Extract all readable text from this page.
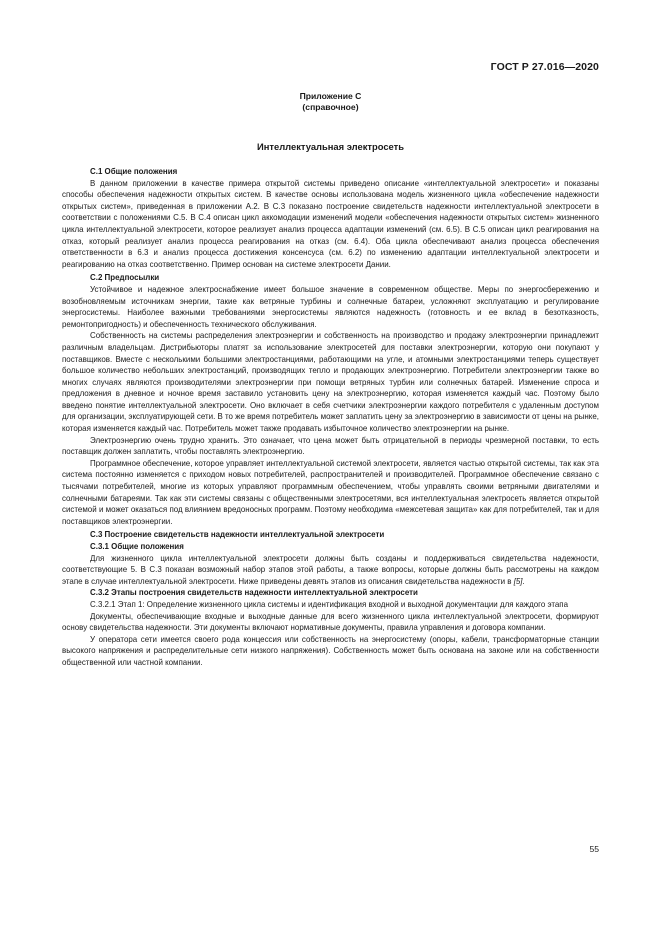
ГОСТ Р 27.016—2020
Приложение С
(справочное)
Интеллектуальная электросеть

С.1 Общие положения

В данном приложении в качестве примера открытой системы приведено описание «интеллектуальной электросети» и показаны способы обеспечения надежности открытых систем. В качестве основы использована модель жизненного цикла «обеспечение надежности открытых систем», приведенная в приложении А.2. В С.3 показано построение свидетельств надежности интеллектуальной электросети в соответствии с положениями С.5. В С.4 описан цикл аккомодации изменений модели «обеспечения надежности открытых систем» жизненного цикла интеллектуальной электросети, которое реализует анализ процесса адаптации изменений (см. 6.5). В С.5 описан цикл реагирования на отказ, который реализует анализ процесса реагирования на отказ (см. 6.4). Оба цикла обеспечивают анализ процесса обеспечения ответственности в 6.3 и анализ процесса достижения консенсуса (см. 6.2) по изменению адаптации интеллектуальной электросети и реагированию на отказ соответственно. Пример основан на системе электросети Дании.

С.2 Предпосылки

Устойчивое и надежное электроснабжение имеет большое значение в современном обществе. Меры по энергосбережению и возобновляемым источникам энергии, такие как ветряные турбины и солнечные батареи, усложняют эксплуатацию и регулирование энергосистемы. Наиболее важными требованиями энергосистемы являются надежность (готовность и ее вклад в безотказность, ремонтопригодность) и обеспеченность технического обслуживания.

Собственность на системы распределения электроэнергии и собственность на производство и продажу электроэнергии принадлежит различным владельцам. Дистрибьюторы платят за использование электросетей для поставки электроэнергии, которую они покупают у поставщиков. Вместе с несколькими большими электростанциями, работающими на угле, и атомными электростанциями теперь существует большое количество небольших электростанций, производящих тепло и продающих электроэнергию. Потребители электроэнергии также во многих случаях являются производителями электроэнергии при помощи ветряных турбин или солнечных батарей. Изменение спроса и предложения в дневное и ночное время заставило установить цену на электроэнергию, которая изменяется каждый час. Поэтому было введено понятие интеллектуальной электросети. Оно включает в себя счетчики электроэнергии каждого потребителя с удаленным доступом для организации, эксплуатирующей сети. В то же время потребитель может заплатить цену за электроэнергию в зависимости от цены на рынке, которая изменяется каждый час. Потребитель может также продавать избыточное количество электроэнергии на рынке.

Электроэнергию очень трудно хранить. Это означает, что цена может быть отрицательной в периоды чрезмерной поставки, то есть поставщик должен заплатить, чтобы поставлять электроэнергию.

Программное обеспечение, которое управляет интеллектуальной системой электросети, является частью открытой системы, так как эта система постоянно изменяется с приходом новых потребителей, распространителей и производителей. Программное обеспечение связано с тысячами потребителей, многие из которых управляют программным обеспечением, чтобы управлять своими ветряными двигателями и солнечными батареями. Так как эти системы связаны с общественными электросетями, вся интеллектуальная электросеть является открытой системой и может оказаться под влиянием вредоносных программ. Поэтому необходима «межсетевая защита» как для потребителей, так и для поставщиков электроэнергии.

С.3 Построение свидетельств надежности интеллектуальной электросети

С.3.1 Общие положения

Для жизненного цикла интеллектуальной электросети должны быть созданы и поддерживаться свидетельства надежности, соответствующие 5. В С.3 показан возможный набор этапов этой работы, а также вопросы, которые должны быть рассмотрены на каждом этапе в случае интеллектуальной электросети. Ниже приведены девять этапов из описания свидетельства надежности в [5].

С.3.2 Этапы построения свидетельств надежности интеллектуальной электросети

С.3.2.1 Этап 1: Определение жизненного цикла системы и идентификация входной и выходной документации для каждого этапа

Документы, обеспечивающие входные и выходные данные для всего жизненного цикла интеллектуальной электросети, формируют основу свидетельства надежности. Эти документы включают нормативные документы, правила управления и договора компании.

У оператора сети имеется своего рода концессия или собственность на энергосистему (опоры, кабели, трансформаторные станции высокого напряжения и распределительные сети низкого напряжения). Собственность может быть основана на законе или на собственности общественной или частной компании.

55
